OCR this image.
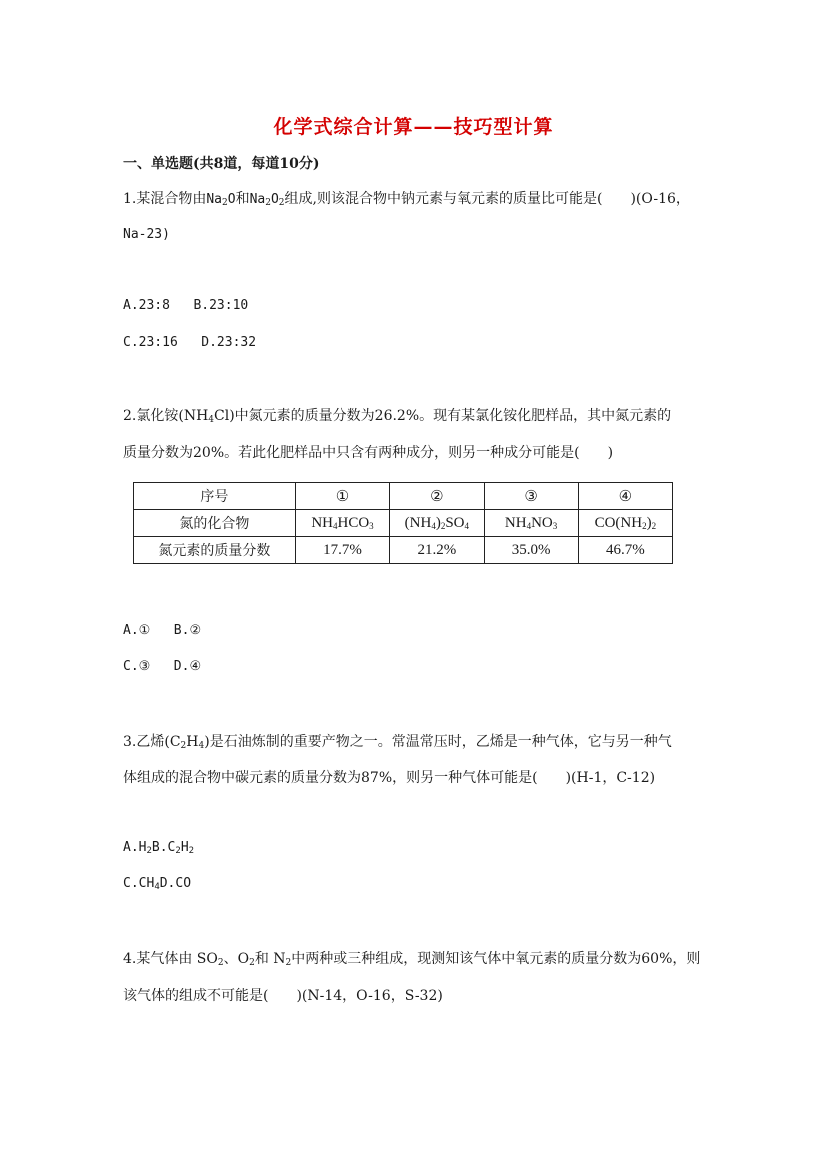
化学式综合计算——技巧型计算
一、单选题(共8道，每道10分)
1.某混合物由$Na_2O$和$Na_2O_2$组成,则该混合物中钠元素与氧元素的质量比可能是(　　)(O-16，
Na-23)
A.23:8 B.23:10
C.23:16 D.23:32
2.氯化铵$(NH_4Cl)$中氮元素的质量分数为26.2%。现有某氯化铵化肥样品，其中氮元素的
质量分数为20%。若此化肥样品中只含有两种成分，则另一种成分可能是(　　)
序号	①	②	③	④
氮的化合物	$NH_4HCO_3$	$(NH_4)_2SO_4$	$NH_4NO_3$	$CO(NH_2)_2$
氮元素的质量分数	17.7%	21.2%	35.0%	46.7%
A.① B.②
C.③ D.④
3.乙烯$(C_2H_4)$是石油炼制的重要产物之一。常温常压时，乙烯是一种气体，它与另一种气
体组成的混合物中碳元素的质量分数为87%，则另一种气体可能是(　　)(H-1，C-12)
$A.H_2B.C_2H_2$
$C.CH_4D.CO$
4.某气体由 $SO_2$、$O_2$和 $N_2$中两种或三种组成，现测知该气体中氧元素的质量分数为60%，则
该气体的组成不可能是(　　)(N-14，O-16，S-32)
